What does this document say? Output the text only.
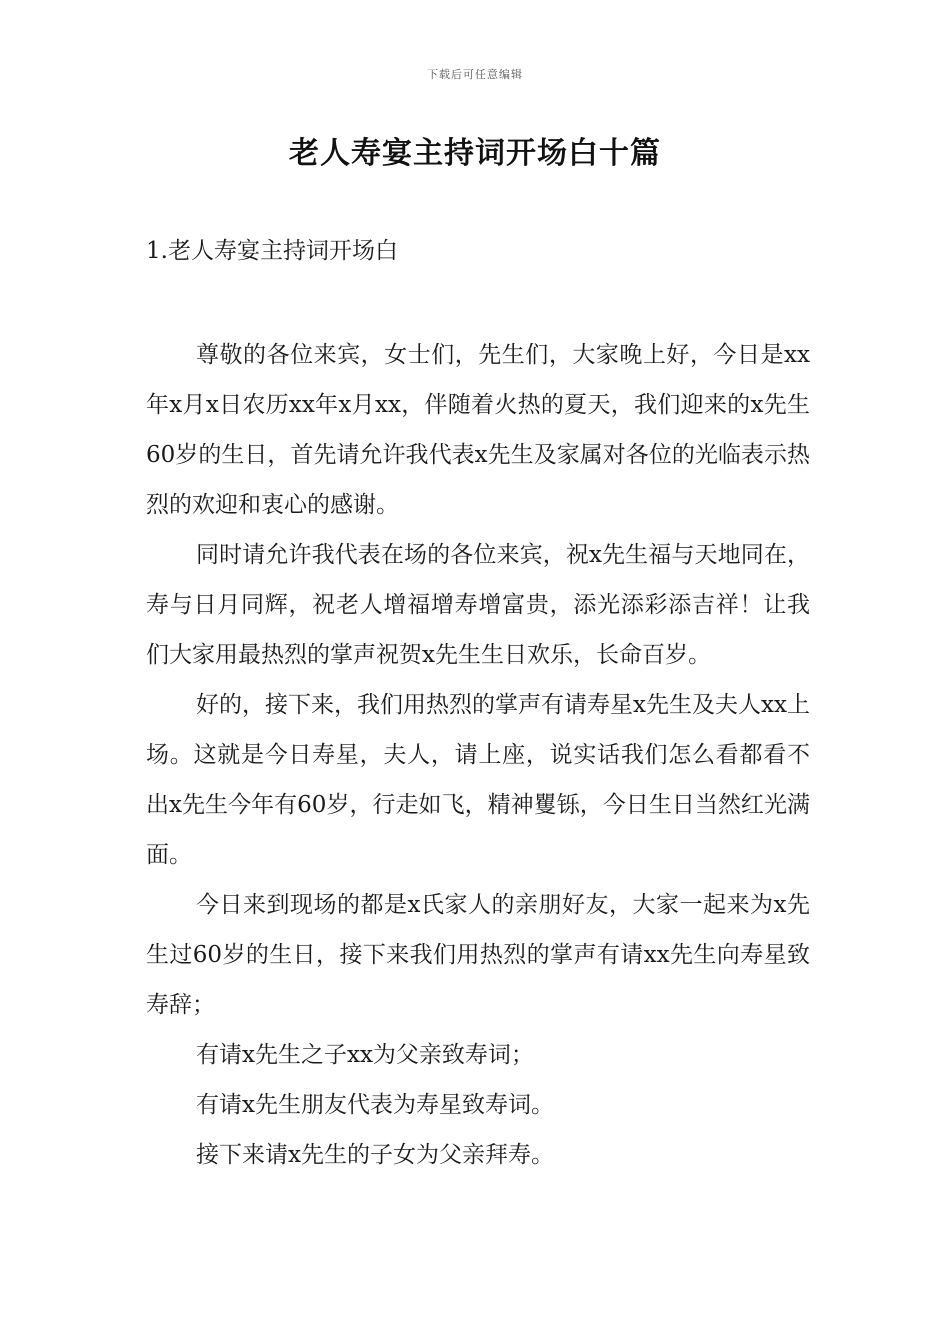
下载后可任意编辑
老人寿宴主持词开场白十篇
1.老人寿宴主持词开场白

尊敬的各位来宾，女士们，先生们，大家晚上好，今日是xx年x月x日农历xx年x月xx，伴随着火热的夏天，我们迎来的x先生60岁的生日，首先请允许我代表x先生及家属对各位的光临表示热烈的欢迎和衷心的感谢。

同时请允许我代表在场的各位来宾，祝x先生福与天地同在，寿与日月同辉，祝老人增福增寿增富贵，添光添彩添吉祥！让我们大家用最热烈的掌声祝贺x先生生日欢乐，长命百岁。

好的，接下来，我们用热烈的掌声有请寿星x先生及夫人xx上场。这就是今日寿星，夫人，请上座，说实话我们怎么看都看不出x先生今年有60岁，行走如飞，精神矍铄，今日生日当然红光满面。

今日来到现场的都是x氏家人的亲朋好友，大家一起来为x先生过60岁的生日，接下来我们用热烈的掌声有请xx先生向寿星致寿辞；

有请x先生之子xx为父亲致寿词；

有请x先生朋友代表为寿星致寿词。

接下来请x先生的子女为父亲拜寿。
